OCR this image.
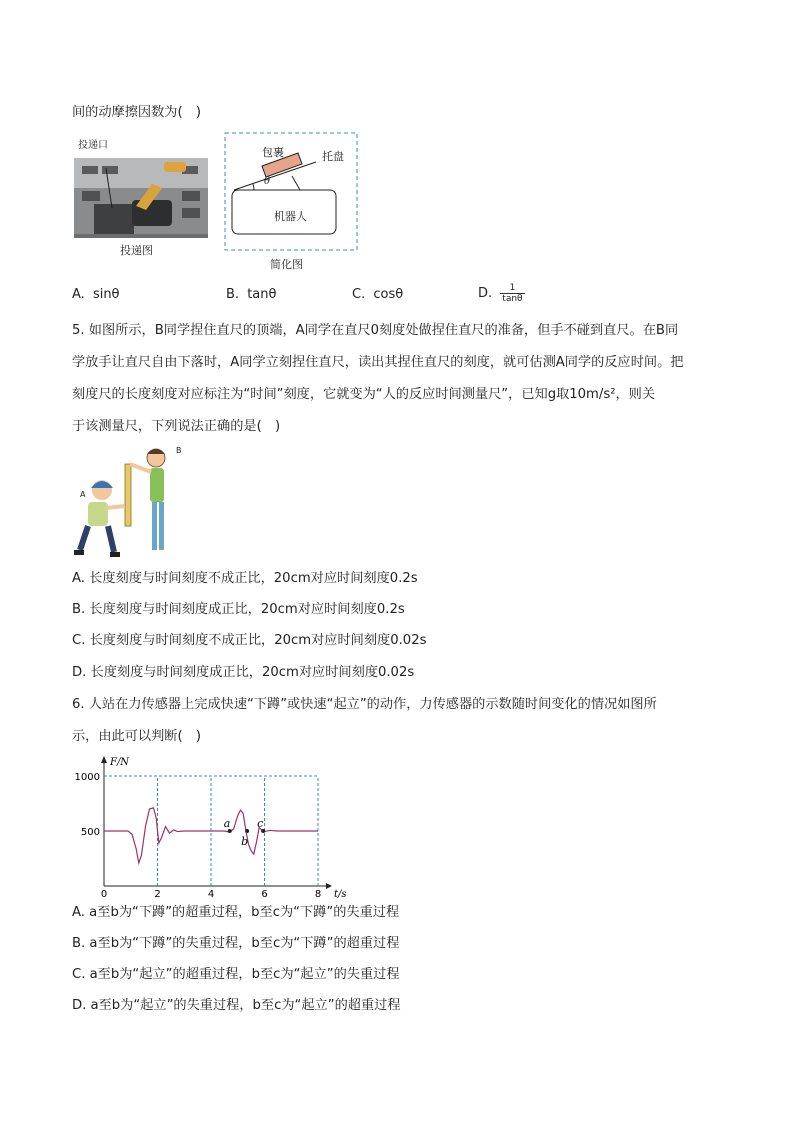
间的动摩擦因数为(　)
投递口
投递图
包裹	托盘
θ
机器人
简化图
A. sinθ	B. tanθ	C. cosθ	D. $\frac{1}{\tan\theta}$
5. 如图所示，B同学捏住直尺的顶端，A同学在直尺0刻度处做捏住直尺的准备，但手不碰到直尺。在B同
学放手让直尺自由下落时，A同学立刻捏住直尺，读出其捏住直尺的刻度，就可估测A同学的反应时间。把
刻度尺的长度刻度对应标注为“时间”刻度，它就变为“人的反应时间测量尺”，已知g取10m/s²，则关
于该测量尺，下列说法正确的是(　)
B
A
A. 长度刻度与时间刻度不成正比，20cm对应时间刻度0.2s
B. 长度刻度与时间刻度成正比，20cm对应时间刻度0.2s
C. 长度刻度与时间刻度不成正比，20cm对应时间刻度0.02s
D. 长度刻度与时间刻度成正比，20cm对应时间刻度0.02s
6. 人站在力传感器上完成快速“下蹲”或快速“起立”的动作，力传感器的示数随时间变化的情况如图所
示，由此可以判断(　)
0	2	4	6	8
500
1000
t/s
F/N
a
b
c
A. a至b为“下蹲”的超重过程，b至c为“下蹲”的失重过程
B. a至b为“下蹲”的失重过程，b至c为“下蹲”的超重过程
C. a至b为“起立”的超重过程，b至c为“起立”的失重过程
D. a至b为“起立”的失重过程，b至c为“起立”的超重过程
